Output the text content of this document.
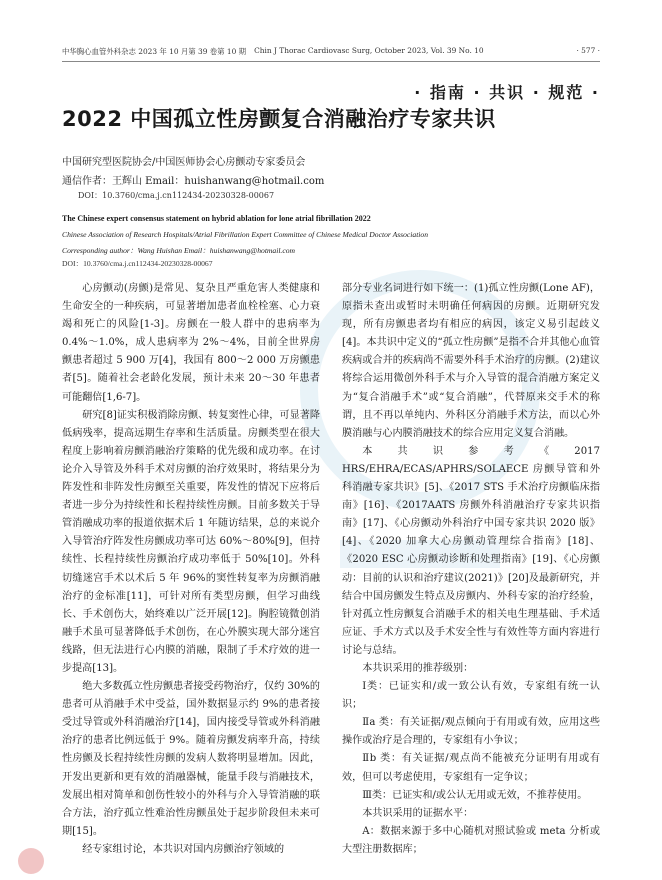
中华胸心血管外科杂志 2023 年 10 月第 39 卷第 10 期 Chin J Thorac Cardiovasc Surg, October 2023, Vol. 39 No. 10	· 577 ·
· 指南 · 共识 · 规范 ·
2022 中国孤立性房颤复合消融治疗专家共识
中国研究型医院协会/中国医师协会心房颤动专家委员会
通信作者：王辉山 Email：huishanwang@hotmail.com
DOI：10.3760/cma.j.cn112434-20230328-00067
The Chinese expert consensus statement on hybrid ablation for lone atrial fibrillation 2022
Chinese Association of Research Hospitals/Atrial Fibrillation Expert Committee of Chinese Medical Doctor Association
Corresponding author：Wang Huishan Email：huishanwang@hotmail.com
DOI：10.3760/cma.j.cn112434-20230328-00067

心房颤动(房颤)是常见、复杂且严重危害人类健康和生命安全的一种疾病，可显著增加患者血栓栓塞、心力衰竭和死亡的风险[1-3]。房颤在一般人群中的患病率为 0.4%～1.0%，成人患病率为 2%～4%，目前全世界房颤患者超过 5 900 万[4]，我国有 800～2 000 万房颤患者[5]。随着社会老龄化发展，预计未来 20～30 年患者可能翻倍[1,6-7]。

研究[8]证实积极消除房颤、转复窦性心律，可显著降低病残率，提高远期生存率和生活质量。房颤类型在很大程度上影响着房颤消融治疗策略的优先级和成功率。在讨论介入导管及外科手术对房颤的治疗效果时，将结果分为阵发性和非阵发性房颤至关重要，阵发性的情况下应将后者进一步分为持续性和长程持续性房颤。目前多数关于导管消融成功率的报道依据术后 1 年随访结果，总的来说介入导管治疗阵发性房颤成功率可达 60%～80%[9]，但持续性、长程持续性房颤治疗成功率低于 50%[10]。外科切缝迷宫手术以术后 5 年 96%的窦性转复率为房颤消融治疗的金标准[11]，可针对所有类型房颤，但学习曲线长、手术创伤大，始终难以广泛开展[12]。胸腔镜微创消融手术虽可显著降低手术创伤，在心外膜实现大部分迷宫线路，但无法进行心内膜的消融，限制了手术疗效的进一步提高[13]。

绝大多数孤立性房颤患者接受药物治疗，仅约 30%的患者可从消融手术中受益，国外数据显示约 9%的患者接受过导管或外科消融治疗[14]，国内接受导管或外科消融治疗的患者比例远低于 9%。随着房颤发病率升高，持续性房颤及长程持续性房颤的发病人数将明显增加。因此，开发出更新和更有效的消融器械，能量手段与消融技术，发展出相对简单和创伤性较小的外科与介入导管消融的联合方法，治疗孤立性难治性房颤虽处于起步阶段但未来可期[15]。

经专家组讨论，本共识对国内房颤治疗领域的

部分专业名词进行如下统一：(1)孤立性房颤(Lone AF)，原指未查出或暂时未明确任何病因的房颤。近期研究发现，所有房颤患者均有相应的病因，该定义易引起歧义[4]。本共识中定义的“孤立性房颤”是指不合并其他心血管疾病或合并的疾病尚不需要外科手术治疗的房颤。(2)建议将综合运用微创外科手术与介入导管的混合消融方案定义为“复合消融手术”或“复合消融”，代替原来交手术的称谓，且不再以单纯内、外科区分消融手术方法，而以心外膜消融与心内膜消融技术的综合应用定义复合消融。

本共识参考《2017 HRS/EHRA/ECAS/APHRS/SOLAECE 房颤导管和外科消融专家共识》[5]、《2017 STS 手术治疗房颤临床指南》[16]、《2017AATS 房颤外科消融治疗专家共识指南》[17]、《心房颤动外科治疗中国专家共识 2020 版》[4]、《2020 加拿大心房颤动管理综合指南》[18]、《2020 ESC 心房颤动诊断和处理指南》[19]、《心房颤动：目前的认识和治疗建议(2021)》[20]及最新研究，并结合中国房颤发生特点及房颤内、外科专家的治疗经验，针对孤立性房颤复合消融手术的相关电生理基础、手术适应证、手术方式以及手术安全性与有效性等方面内容进行讨论与总结。

本共识采用的推荐级别：

Ⅰ类：已证实和/或一致公认有效，专家组有统一认识；

Ⅱa 类：有关证据/观点倾向于有用或有效，应用这些操作或治疗是合理的，专家组有小争议；

Ⅱb 类：有关证据/观点尚不能被充分证明有用或有效，但可以考虑使用，专家组有一定争议；

Ⅲ类：已证实和/或公认无用或无效，不推荐使用。

本共识采用的证据水平：

A：数据来源于多中心随机对照试验或 meta 分析或大型注册数据库；
